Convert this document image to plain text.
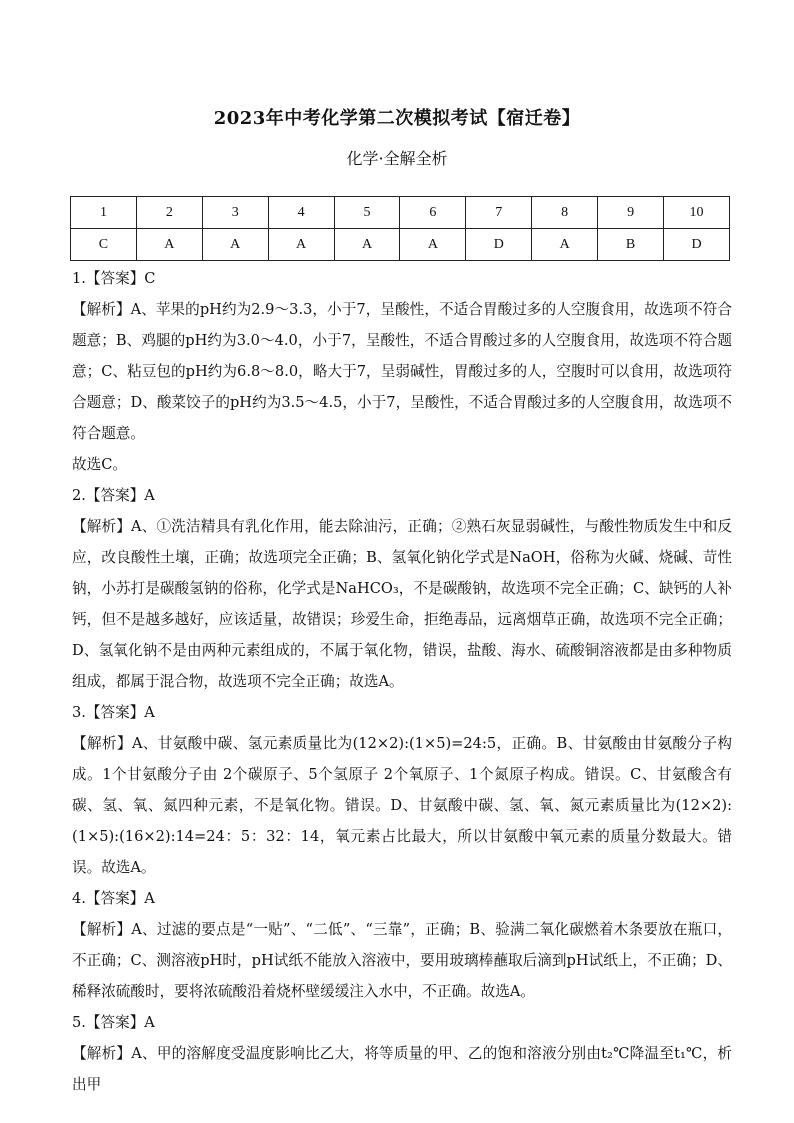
2023年中考化学第二次模拟考试【宿迁卷】
化学·全解全析
1	2	3	4	5	6	7	8	9	10
C	A	A	A	A	A	D	A	B	D

1.【答案】C

【解析】A、苹果的pH约为2.9～3.3，小于7，呈酸性，不适合胃酸过多的人空腹食用，故选项不符合题意；B、鸡腿的pH约为3.0～4.0，小于7，呈酸性，不适合胃酸过多的人空腹食用，故选项不符合题意；C、粘豆包的pH约为6.8～8.0，略大于7，呈弱碱性，胃酸过多的人，空腹时可以食用，故选项符合题意；D、酸菜饺子的pH约为3.5～4.5，小于7，呈酸性，不适合胃酸过多的人空腹食用，故选项不符合题意。

故选C。

2.【答案】A

【解析】A、①洗洁精具有乳化作用，能去除油污，正确；②熟石灰显弱碱性，与酸性物质发生中和反应，改良酸性土壤，正确；故选项完全正确；B、氢氧化钠化学式是NaOH，俗称为火碱、烧碱、苛性钠，小苏打是碳酸氢钠的俗称，化学式是NaHCO₃，不是碳酸钠，故选项不完全正确；C、缺钙的人补钙，但不是越多越好，应该适量，故错误；珍爱生命，拒绝毒品，远离烟草正确，故选项不完全正确；D、氢氧化钠不是由两种元素组成的，不属于氧化物，错误，盐酸、海水、硫酸铜溶液都是由多种物质组成，都属于混合物，故选项不完全正确；故选A。

3.【答案】A

【解析】A、甘氨酸中碳、氢元素质量比为(12×2):(1×5)=24:5，正确。B、甘氨酸由甘氨酸分子构成。1个甘氨酸分子由 2个碳原子、5个氢原子 2个氧原子、1个氮原子构成。错误。C、甘氨酸含有碳、氢、氧、氮四种元素，不是氧化物。错误。D、甘氨酸中碳、氢、氧、氮元素质量比为(12×2):(1×5):(16×2):14=24：5：32：14，氧元素占比最大，所以甘氨酸中氧元素的质量分数最大。错误。故选A。

4.【答案】A

【解析】A、过滤的要点是“一贴”、“二低”、“三靠”，正确；B、验满二氧化碳燃着木条要放在瓶口，不正确；C、测溶液pH时，pH试纸不能放入溶液中，要用玻璃棒蘸取后滴到pH试纸上，不正确；D、稀释浓硫酸时，要将浓硫酸沿着烧杯壁缓缓注入水中，不正确。故选A。

5.【答案】A

【解析】A、甲的溶解度受温度影响比乙大，将等质量的甲、乙的饱和溶液分别由t₂℃降温至t₁℃，析出甲
